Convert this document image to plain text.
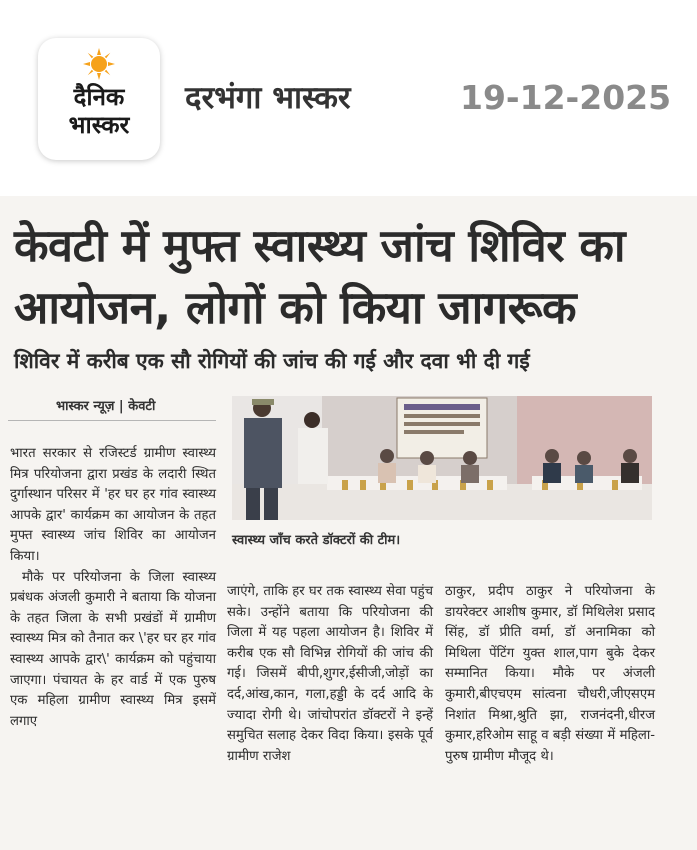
दैनिक
भास्कर
दरभंगा भास्कर	19-12-2025
केवटी में मुफ्त स्वास्थ्य जांच शिविर का
आयोजन, लोगों को किया जागरूक
शिविर में करीब एक सौ रोगियों की जांच की गई और दवा भी दी गई
भास्कर न्यूज़ | केवटी
स्वास्थ्य जाँच करते डॉक्टरों की टीम।

भारत सरकार से रजिस्टर्ड ग्रामीण स्वास्थ्य मित्र परियोजना द्वारा प्रखंड के लदारी स्थित दुर्गास्थान परिसर में 'हर घर हर गांव स्वास्थ्य आपके द्वार' कार्यक्रम का आयोजन के तहत मुफ्त स्वास्थ्य जांच शिविर का आयोजन किया।

मौके पर परियोजना के जिला स्वास्थ्य प्रबंधक अंजली कुमारी ने बताया कि योजना के तहत जिला के सभी प्रखंडों में ग्रामीण स्वास्थ्य मित्र को तैनात कर \'हर घर हर गांव स्वास्थ्य आपके द्वार\' कार्यक्रम को पहुंचाया जाएगा। पंचायत के हर वार्ड में एक पुरुष एक महिला ग्रामीण स्वास्थ्य मित्र इसमें लगाए

जाएंगे, ताकि हर घर तक स्वास्थ्य सेवा पहुंच सके। उन्होंने बताया कि परियोजना की जिला में यह पहला आयोजन है। शिविर में करीब एक सौ विभिन्न रोगियों की जांच की गई। जिसमें बीपी,शुगर,ईसीजी,जोड़ों का दर्द,आंख,कान, गला,हड्डी के दर्द आदि के ज्यादा रोगी थे। जांचोपरांत डॉक्टरों ने इन्हें समुचित सलाह देकर विदा किया। इसके पूर्व ग्रामीण राजेश

ठाकुर, प्रदीप ठाकुर ने परियोजना के डायरेक्टर आशीष कुमार, डॉ मिथिलेश प्रसाद सिंह, डॉ प्रीति वर्मा, डॉ अनामिका को मिथिला पेंटिंग युक्त शाल,पाग बुके देकर सम्मानित किया। मौके पर अंजली कुमारी,बीएचएम सांत्वना चौधरी,जीएसएम निशांत मिश्रा,श्रुति झा, राजनंदनी,धीरज कुमार,हरिओम साहू व बड़ी संख्या में महिला-पुरुष ग्रामीण मौजूद थे।
